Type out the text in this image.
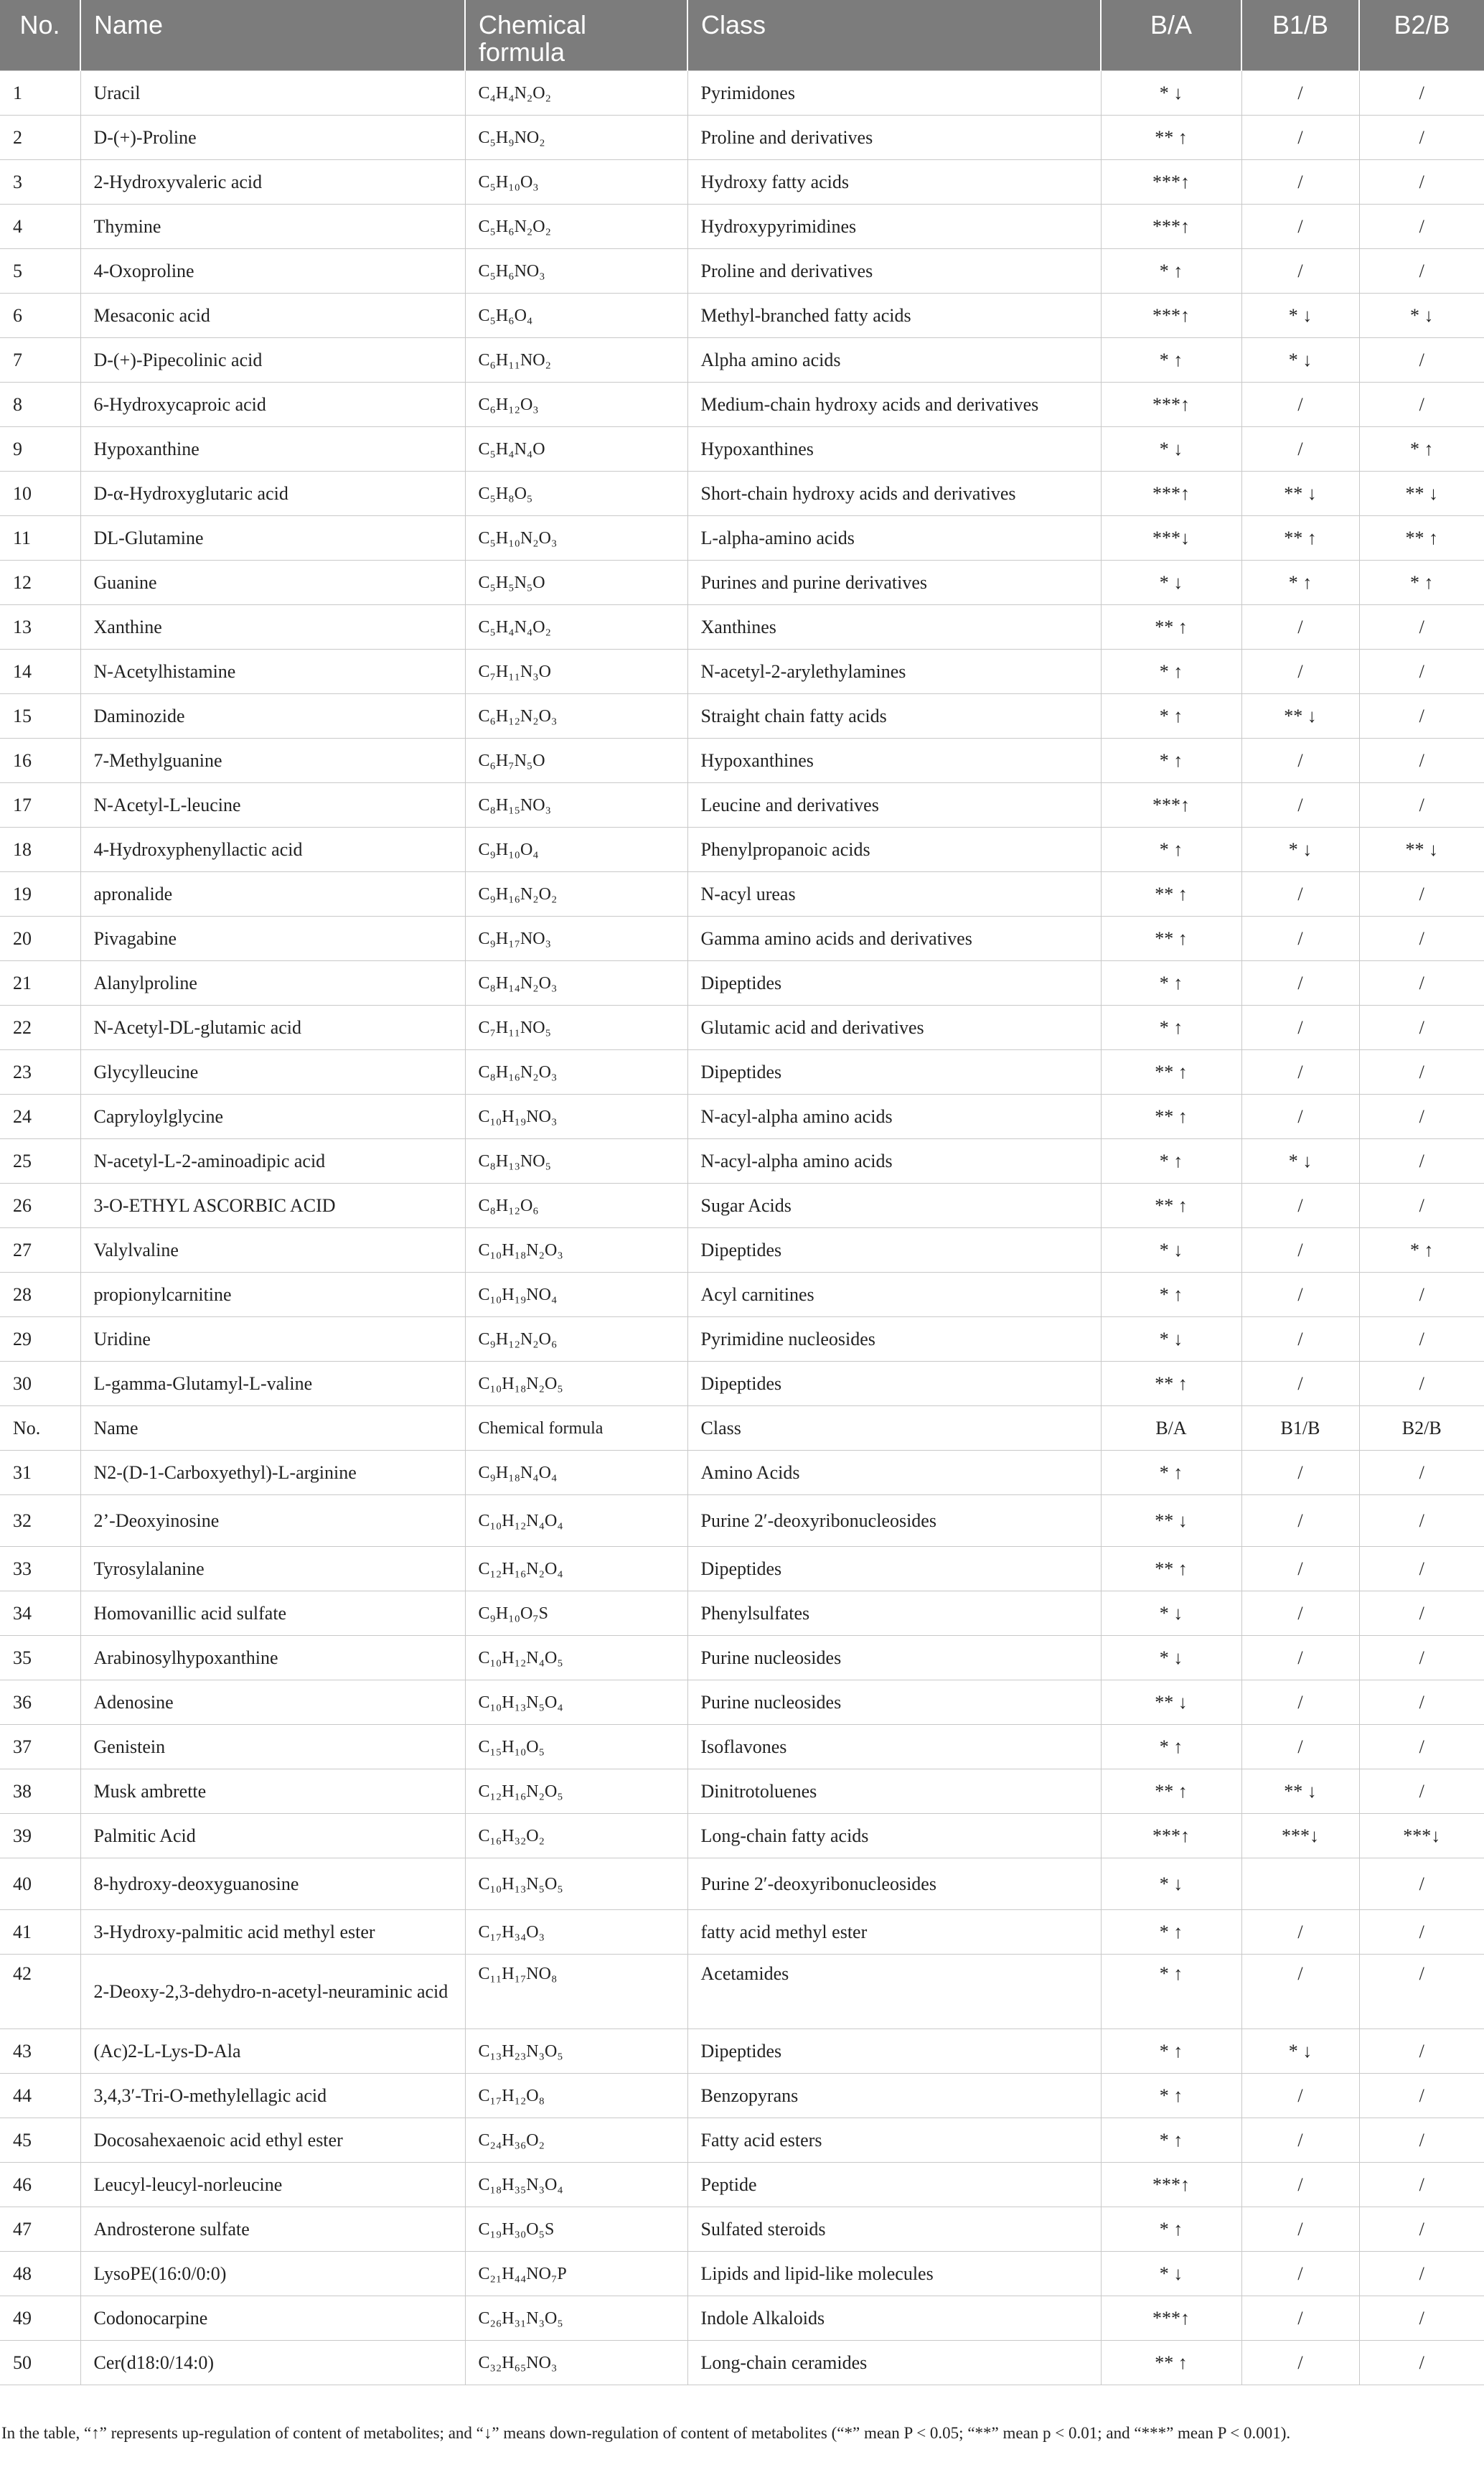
No.	Name	Chemical formula	Class	B/A	B1/B	B2/B
1	Uracil	C₄H₄N₂O₂	Pyrimidones	* ↓	/	/
2	D-(+)-Proline	C₅H₉NO₂	Proline and derivatives	** ↑	/	/
3	2-Hydroxyvaleric acid	C₅H₁₀O₃	Hydroxy fatty acids	***↑	/	/
4	Thymine	C₅H₆N₂O₂	Hydroxypyrimidines	***↑	/	/
5	4-Oxoproline	C₅H₆NO₃	Proline and derivatives	* ↑	/	/
6	Mesaconic acid	C₅H₆O₄	Methyl-branched fatty acids	***↑	* ↓	* ↓
7	D-(+)-Pipecolinic acid	C₆H₁₁NO₂	Alpha amino acids	* ↑	* ↓	/
8	6-Hydroxycaproic acid	C₆H₁₂O₃	Medium-chain hydroxy acids and derivatives	***↑	/	/
9	Hypoxanthine	C₅H₄N₄O	Hypoxanthines	* ↓	/	* ↑
10	D-α-Hydroxyglutaric acid	C₅H₈O₅	Short-chain hydroxy acids and derivatives	***↑	** ↓	** ↓
11	DL-Glutamine	C₅H₁₀N₂O₃	L-alpha-amino acids	***↓	** ↑	** ↑
12	Guanine	C₅H₅N₅O	Purines and purine derivatives	* ↓	* ↑	* ↑
13	Xanthine	C₅H₄N₄O₂	Xanthines	** ↑	/	/
14	N-Acetylhistamine	C₇H₁₁N₃O	N-acetyl-2-arylethylamines	* ↑	/	/
15	Daminozide	C₆H₁₂N₂O₃	Straight chain fatty acids	* ↑	** ↓	/
16	7-Methylguanine	C₆H₇N₅O	Hypoxanthines	* ↑	/	/
17	N-Acetyl-L-leucine	C₈H₁₅NO₃	Leucine and derivatives	***↑	/	/
18	4-Hydroxyphenyllactic acid	C₉H₁₀O₄	Phenylpropanoic acids	* ↑	* ↓	** ↓
19	apronalide	C₉H₁₆N₂O₂	N-acyl ureas	** ↑	/	/
20	Pivagabine	C₉H₁₇NO₃	Gamma amino acids and derivatives	** ↑	/	/
21	Alanylproline	C₈H₁₄N₂O₃	Dipeptides	* ↑	/	/
22	N-Acetyl-DL-glutamic acid	C₇H₁₁NO₅	Glutamic acid and derivatives	* ↑	/	/
23	Glycylleucine	C₈H₁₆N₂O₃	Dipeptides	** ↑	/	/
24	Capryloylglycine	C₁₀H₁₉NO₃	N-acyl-alpha amino acids	** ↑	/	/
25	N-acetyl-L-2-aminoadipic acid	C₈H₁₃NO₅	N-acyl-alpha amino acids	* ↑	* ↓	/
26	3-O-ETHYL ASCORBIC ACID	C₈H₁₂O₆	Sugar Acids	** ↑	/	/
27	Valylvaline	C₁₀H₁₈N₂O₃	Dipeptides	* ↓	/	* ↑
28	propionylcarnitine	C₁₀H₁₉NO₄	Acyl carnitines	* ↑	/	/
29	Uridine	C₉H₁₂N₂O₆	Pyrimidine nucleosides	* ↓	/	/
30	L-gamma-Glutamyl-L-valine	C₁₀H₁₈N₂O₅	Dipeptides	** ↑	/	/
No.	Name	Chemical formula	Class	B/A	B1/B	B2/B
31	N2-(D-1-Carboxyethyl)-L-arginine	C₉H₁₈N₄O₄	Amino Acids	* ↑	/	/
32	2’-Deoxyinosine	C₁₀H₁₂N₄O₄	Purine 2′-deoxyribonucleosides	** ↓	/	/
33	Tyrosylalanine	C₁₂H₁₆N₂O₄	Dipeptides	** ↑	/	/
34	Homovanillic acid sulfate	C₉H₁₀O₇S	Phenylsulfates	* ↓	/	/
35	Arabinosylhypoxanthine	C₁₀H₁₂N₄O₅	Purine nucleosides	* ↓	/	/
36	Adenosine	C₁₀H₁₃N₅O₄	Purine nucleosides	** ↓	/	/
37	Genistein	C₁₅H₁₀O₅	Isoflavones	* ↑	/	/
38	Musk ambrette	C₁₂H₁₆N₂O₅	Dinitrotoluenes	** ↑	** ↓	/
39	Palmitic Acid	C₁₆H₃₂O₂	Long-chain fatty acids	***↑	***↓	***↓
40	8-hydroxy-deoxyguanosine	C₁₀H₁₃N₅O₅	Purine 2′-deoxyribonucleosides	* ↓		/
41	3-Hydroxy-palmitic acid methyl ester	C₁₇H₃₄O₃	fatty acid methyl ester	* ↑	/	/
42	2-Deoxy-2,3-dehydro-n-acetyl-neuraminic acid	C₁₁H₁₇NO₈	Acetamides	* ↑	/	/
43	(Ac)2-L-Lys-D-Ala	C₁₃H₂₃N₃O₅	Dipeptides	* ↑	* ↓	/
44	3,4,3′-Tri-O-methylellagic acid	C₁₇H₁₂O₈	Benzopyrans	* ↑	/	/
45	Docosahexaenoic acid ethyl ester	C₂₄H₃₆O₂	Fatty acid esters	* ↑	/	/
46	Leucyl-leucyl-norleucine	C₁₈H₃₅N₃O₄	Peptide	***↑	/	/
47	Androsterone sulfate	C₁₉H₃₀O₅S	Sulfated steroids	* ↑	/	/
48	LysoPE(16:0/0:0)	C₂₁H₄₄NO₇P	Lipids and lipid-like molecules	* ↓	/	/
49	Codonocarpine	C₂₆H₃₁N₃O₅	Indole Alkaloids	***↑	/	/
50	Cer(d18:0/14:0)	C₃₂H₆₅NO₃	Long-chain ceramides	** ↑	/	/
In the table, “↑” represents up-regulation of content of metabolites; and “↓” means down-regulation of content of metabolites (“*” mean P < 0.05; “**” mean p < 0.01; and “***” mean P < 0.001).
